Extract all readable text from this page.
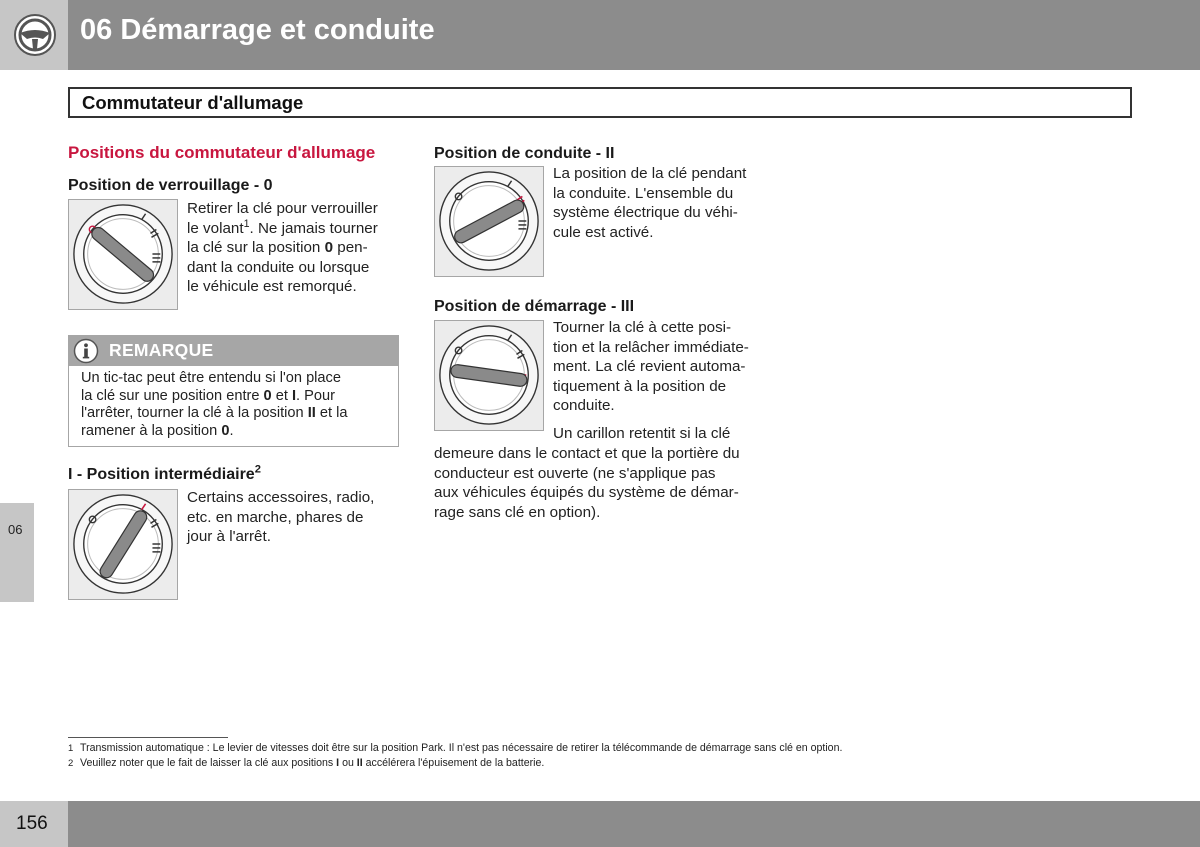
06 Démarrage et conduite
Commutateur d'allumage
06
Positions du commutateur d'allumage
Position de verrouillage - 0

Retirer la clé pour verrouiller

le volant$^1$. Ne jamais tourner

la clé sur la position 0 pen-

dant la conduite ou lorsque

le véhicule est remorqué.

REMARQUE
Un tic-tac peut être entendu si l'on place
la clé sur une position entre 0 et I. Pour
l'arrêter, tourner la clé à la position II et la
ramener à la position 0.
I - Position intermédiaire$^2$

Certains accessoires, radio,

etc. en marche, phares de

jour à l'arrêt.

Position de conduite - II

La position de la clé pendant

la conduite. L'ensemble du

système électrique du véhi-

cule est activé.

Position de démarrage - III

Tourner la clé à cette posi-

tion et la relâcher immédiate-

ment. La clé revient automa-

tiquement à la position de

conduite.

Un carillon retentit si la clé

demeure dans le contact et que la portière du

conducteur est ouverte (ne s'applique pas

aux véhicules équipés du système de démar-

rage sans clé en option).

1 Transmission automatique : Le levier de vitesses doit être sur la position Park. Il n'est pas nécessaire de retirer la télécommande de démarrage sans clé en option.
2 Veuillez noter que le fait de laisser la clé aux positions I ou II accélérera l'épuisement de la batterie.
156
